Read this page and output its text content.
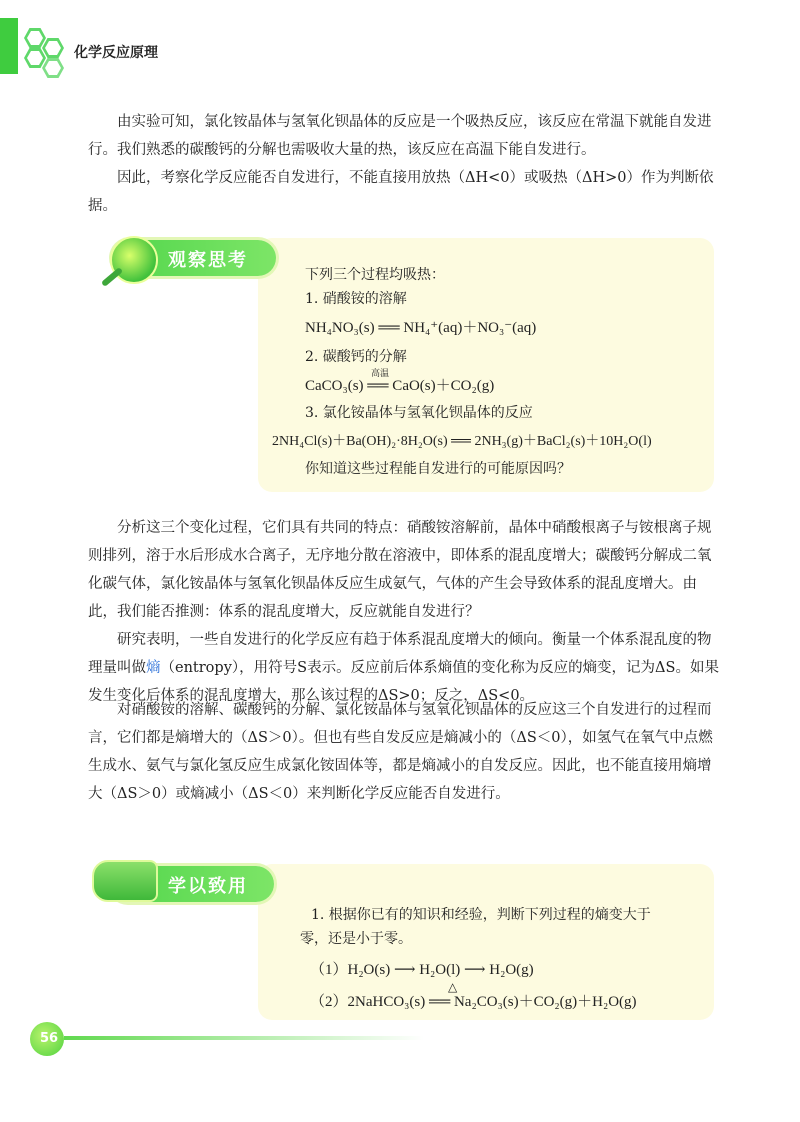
化学反应原理

由实验可知，氯化铵晶体与氢氧化钡晶体的反应是一个吸热反应，该反应在常温下就能自发进行。我们熟悉的碳酸钙的分解也需吸收大量的热，该反应在高温下能自发进行。

因此，考察化学反应能否自发进行，不能直接用放热（ΔH<0）或吸热（ΔH>0）作为判断依据。

观察思考
下列三个过程均吸热：
1. 硝酸铵的溶解
NH₄NO₃(s) ══ NH₄⁺(aq)＋NO₃⁻(aq)
2. 碳酸钙的分解
高温
CaCO₃(s) ══ CaO(s)＋CO₂(g)
3. 氯化铵晶体与氢氧化钡晶体的反应
2NH₄Cl(s)＋Ba(OH)₂·8H₂O(s) ══ 2NH₃(g)＋BaCl₂(s)＋10H₂O(l)
你知道这些过程能自发进行的可能原因吗？

分析这三个变化过程，它们具有共同的特点：硝酸铵溶解前，晶体中硝酸根离子与铵根离子规则排列，溶于水后形成水合离子，无序地分散在溶液中，即体系的混乱度增大；碳酸钙分解成二氧化碳气体，氯化铵晶体与氢氧化钡晶体反应生成氨气，气体的产生会导致体系的混乱度增大。由此，我们能否推测：体系的混乱度增大，反应就能自发进行？

研究表明，一些自发进行的化学反应有趋于体系混乱度增大的倾向。衡量一个体系混乱度的物理量叫做熵（entropy），用符号S表示。反应前后体系熵值的变化称为反应的熵变，记为ΔS。如果发生变化后体系的混乱度增大，那么该过程的ΔS>0；反之，ΔS<0。

对硝酸铵的溶解、碳酸钙的分解、氯化铵晶体与氢氧化钡晶体的反应这三个自发进行的过程而言，它们都是熵增大的（ΔS＞0）。但也有些自发反应是熵减小的（ΔS＜0），如氢气在氧气中点燃生成水、氨气与氯化氢反应生成氯化铵固体等，都是熵减小的自发反应。因此，也不能直接用熵增大（ΔS＞0）或熵减小（ΔS＜0）来判断化学反应能否自发进行。

学以致用
1. 根据你已有的知识和经验，判断下列过程的熵变大于
零，还是小于零。
（1）H₂O(s) ⟶ H₂O(l) ⟶ H₂O(g)
△
（2）2NaHCO₃(s) ══ Na₂CO₃(s)＋CO₂(g)＋H₂O(g)
56
